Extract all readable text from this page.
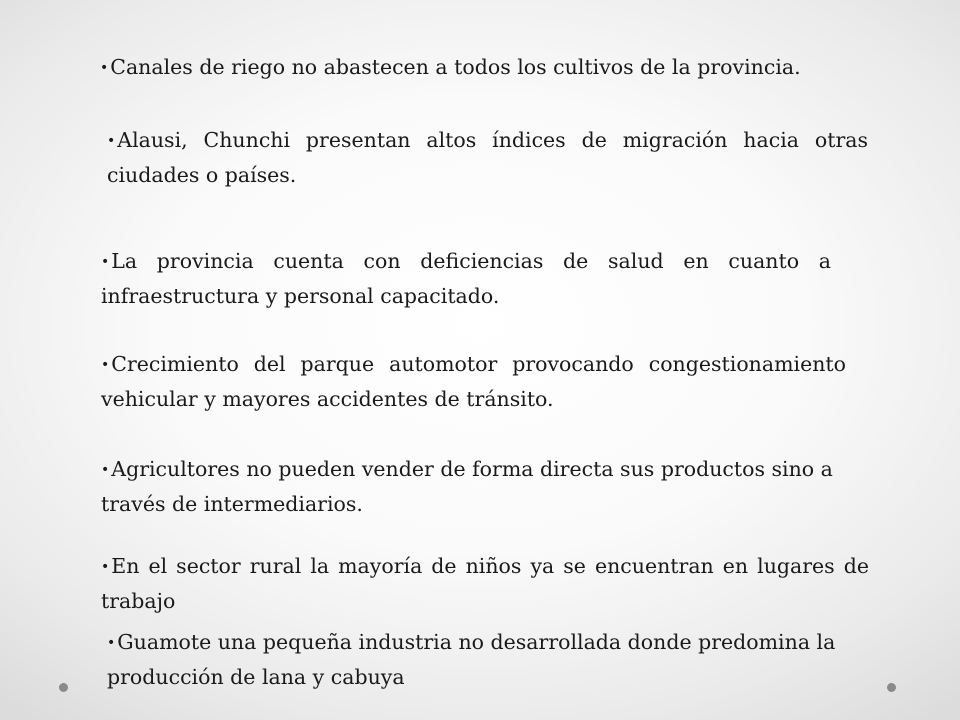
•Canales de riego no abastecen a todos los cultivos de la provincia.

•Alausi, Chunchi presentan altos índices de migración hacia otras ciudades o países.

•La provincia cuenta con deficiencias de salud en cuanto a infraestructura y personal capacitado.

•Crecimiento del parque automotor provocando congestionamiento vehicular y mayores accidentes de tránsito.

•Agricultores no pueden vender de forma directa sus productos sino a través de intermediarios.

•En el sector rural la mayoría de niños ya se encuentran en lugares de trabajo

•Guamote una pequeña industria no desarrollada donde predomina la producción de lana y cabuya
